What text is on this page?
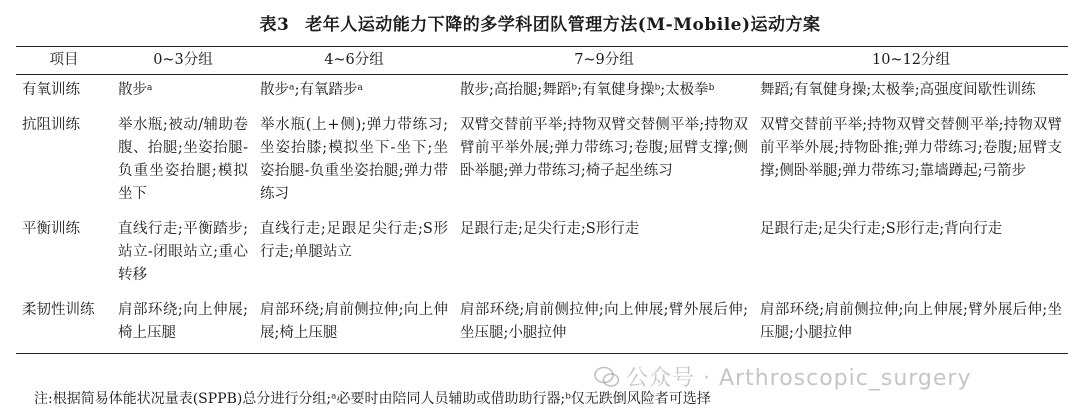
表3 老年人运动能力下降的多学科团队管理方法(M-Mobile)运动方案
项目	0~3分组	4~6分组	7~9分组	10~12分组
有氧训练	散步$^a$	散步ᵃ;有氧踏步$^a$	散步;高抬腿;舞蹈ᵇ;有氧健身操ᵇ;太极拳$^b$	舞蹈;有氧健身操;太极拳;高强度间歇性训练
抗阻训练	举水瓶;被动/辅助卷腹、抬腿;坐姿抬腿-负重坐姿抬腿;模拟坐下	举水瓶(上+侧);弹力带练习;坐姿抬膝;模拟坐下-坐下;坐姿抬腿-负重坐姿抬腿;弹力带练习	双臂交替前平举;持物双臂交替侧平举;持物双臂前平举外展;弹力带练习;卷腹;屈臂支撑;侧卧举腿;弹力带练习;椅子起坐练习	双臂交替前平举;持物双臂交替侧平举;持物双臂前平举外展;持物卧推;弹力带练习;卷腹;屈臂支撑;侧卧举腿;弹力带练习;靠墙蹲起;弓箭步
平衡训练	直线行走;平衡踏步;站立-闭眼站立;重心转移	直线行走;足跟足尖行走;S形行走;单腿站立	足跟行走;足尖行走;S形行走	足跟行走;足尖行走;S形行走;背向行走
柔韧性训练	肩部环绕;向上伸展;椅上压腿	肩部环绕;肩前侧拉伸;向上伸展;椅上压腿	肩部环绕;肩前侧拉伸;向上伸展;臂外展后伸;坐压腿;小腿拉伸	肩部环绕;肩前侧拉伸;向上伸展;臂外展后伸;坐压腿;小腿拉伸
注:根据简易体能状况量表(SPPB)总分进行分组;ᵃ必要时由陪同人员辅助或借助助行器;ᵇ仅无跌倒风险者可选择
公众号 · Arthroscopic_surgery
